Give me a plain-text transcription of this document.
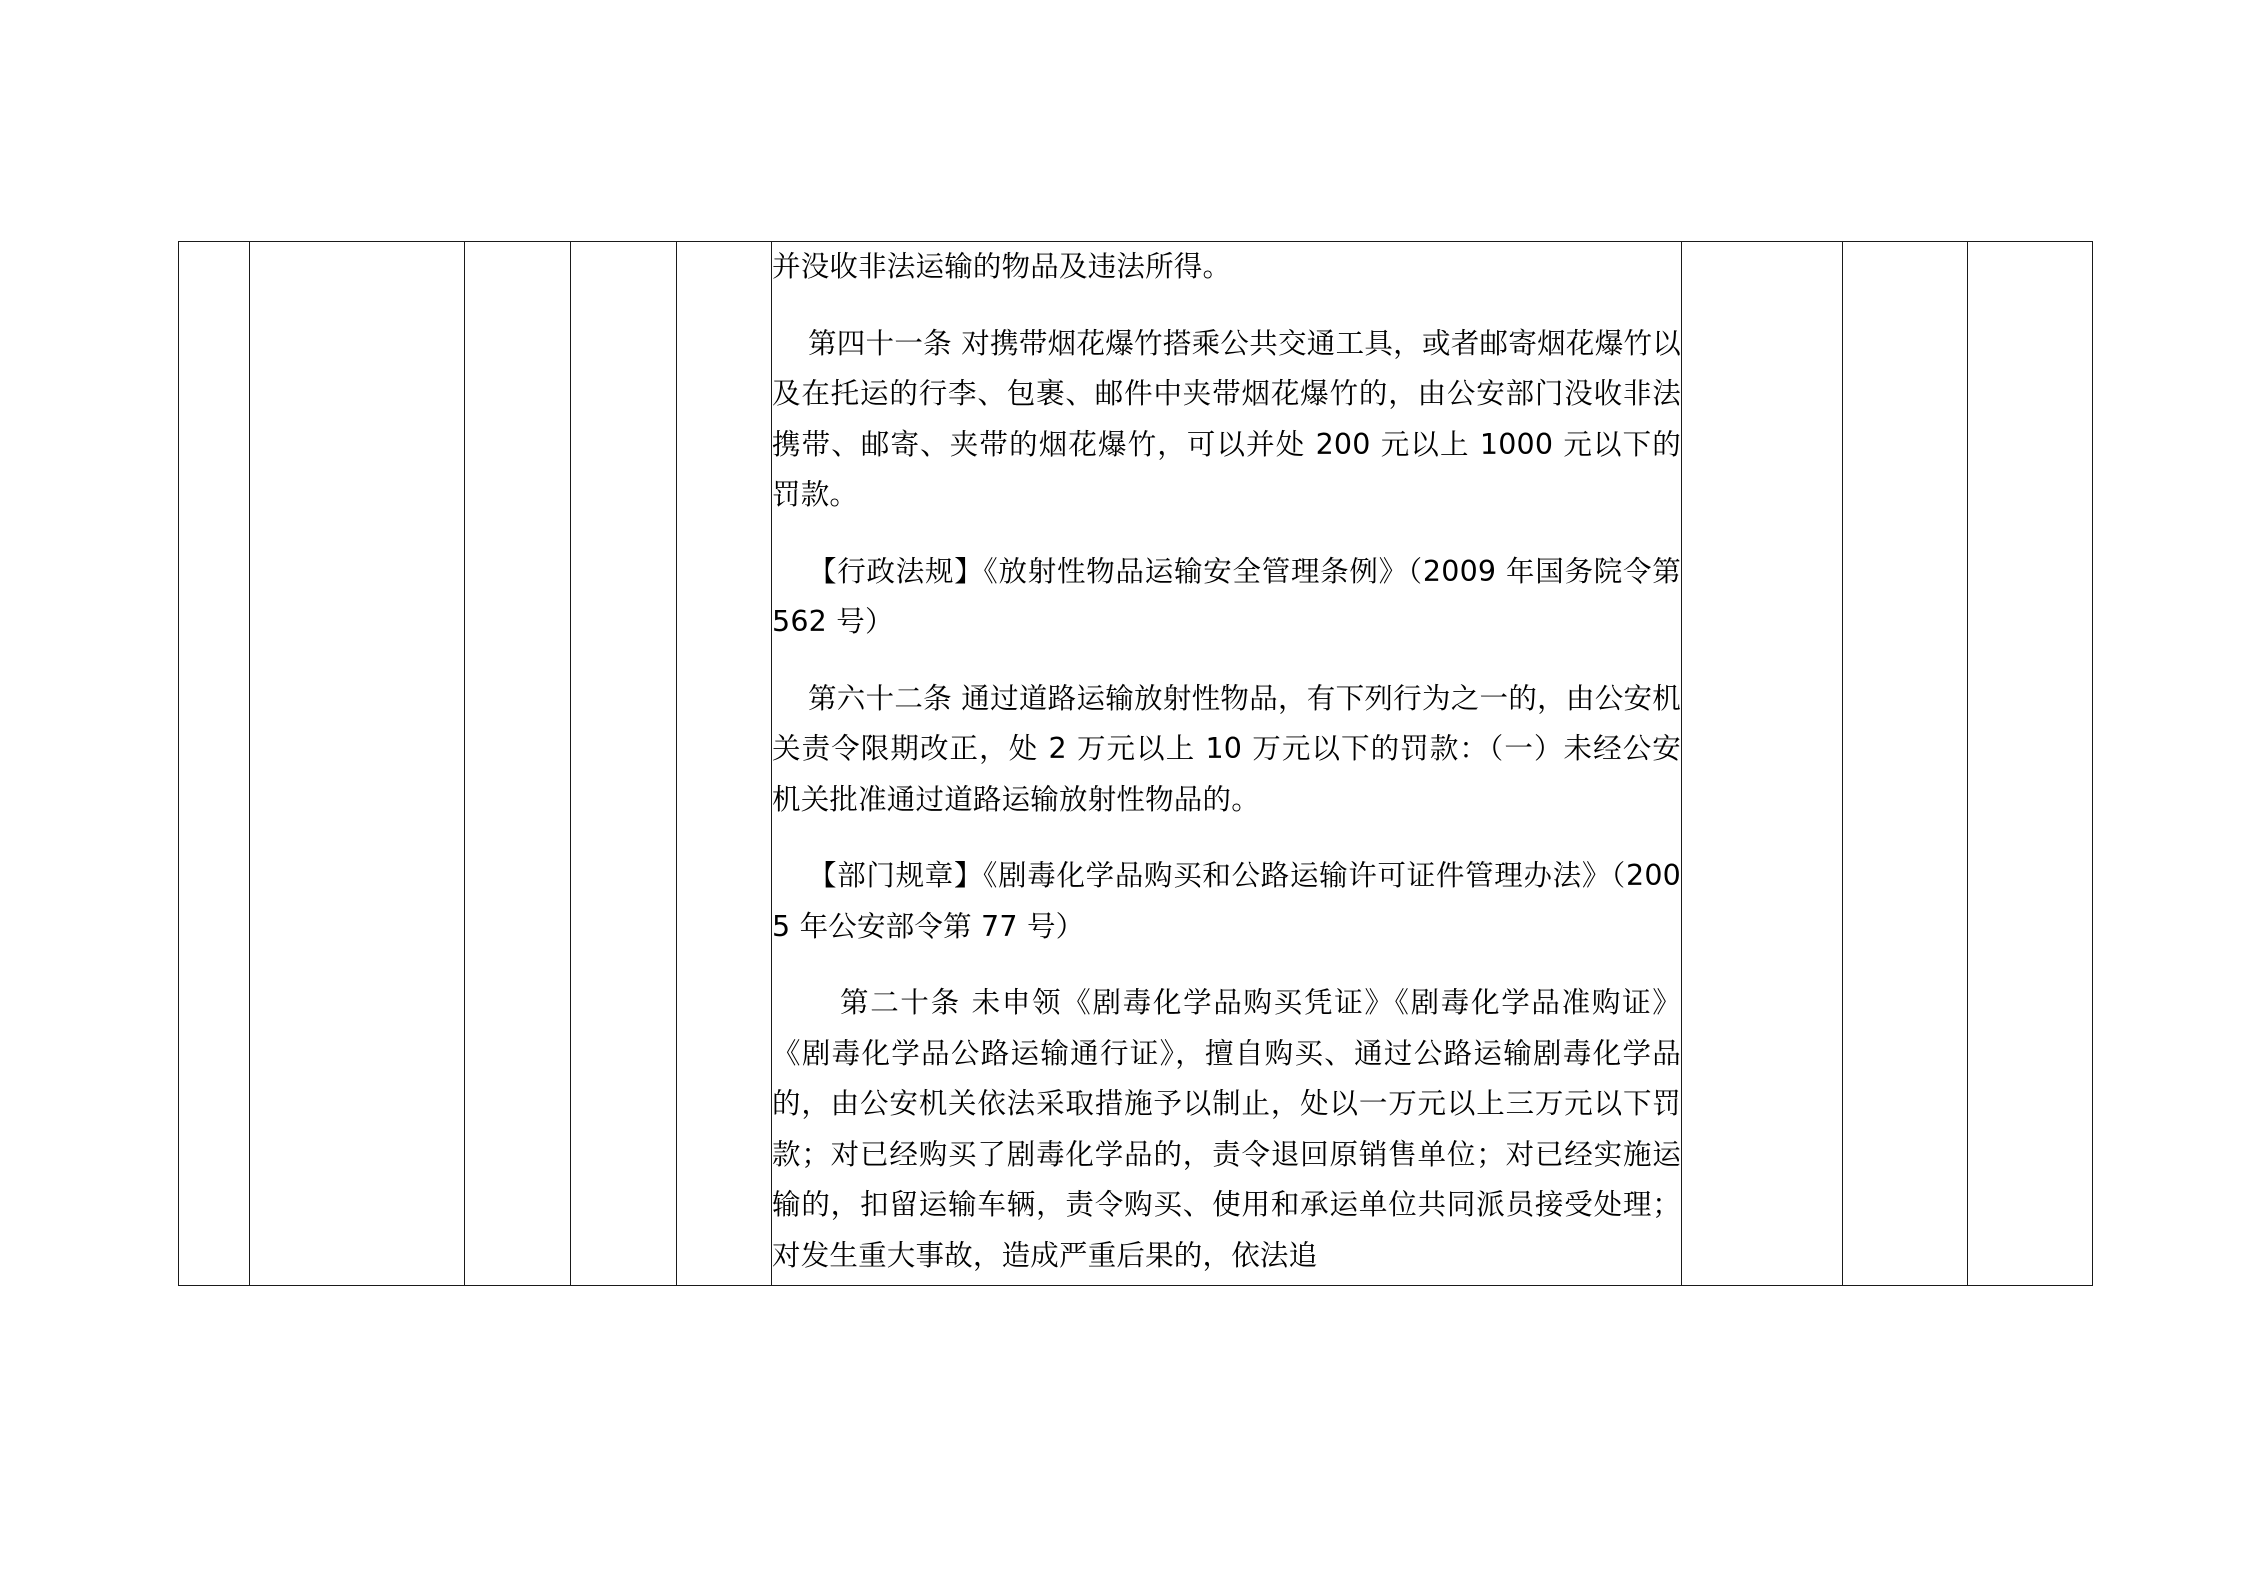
并没收非法运输的物品及违法所得。

第四十一条 对携带烟花爆竹搭乘公共交通工具，或者邮寄烟花爆竹以及在托运的行李、包裹、邮件中夹带烟花爆竹的，由公安部门没收非法携带、邮寄、夹带的烟花爆竹，可以并处 200 元以上 1000 元以下的罚款。

【行政法规】《放射性物品运输安全管理条例》（2009 年国务院令第 562 号）

第六十二条 通过道路运输放射性物品，有下列行为之一的，由公安机关责令限期改正，处 2 万元以上 10 万元以下的罚款：（一）未经公安机关批准通过道路运输放射性物品的。

【部门规章】《剧毒化学品购买和公路运输许可证件管理办法》（2005 年公安部令第 77 号）

第二十条 未申领《剧毒化学品购买凭证》《剧毒化学品准购证》《剧毒化学品公路运输通行证》，擅自购买、通过公路运输剧毒化学品的，由公安机关依法采取措施予以制止，处以一万元以上三万元以下罚款；对已经购买了剧毒化学品的，责令退回原销售单位；对已经实施运输的，扣留运输车辆，责令购买、使用和承运单位共同派员接受处理；对发生重大事故，造成严重后果的，依法追
